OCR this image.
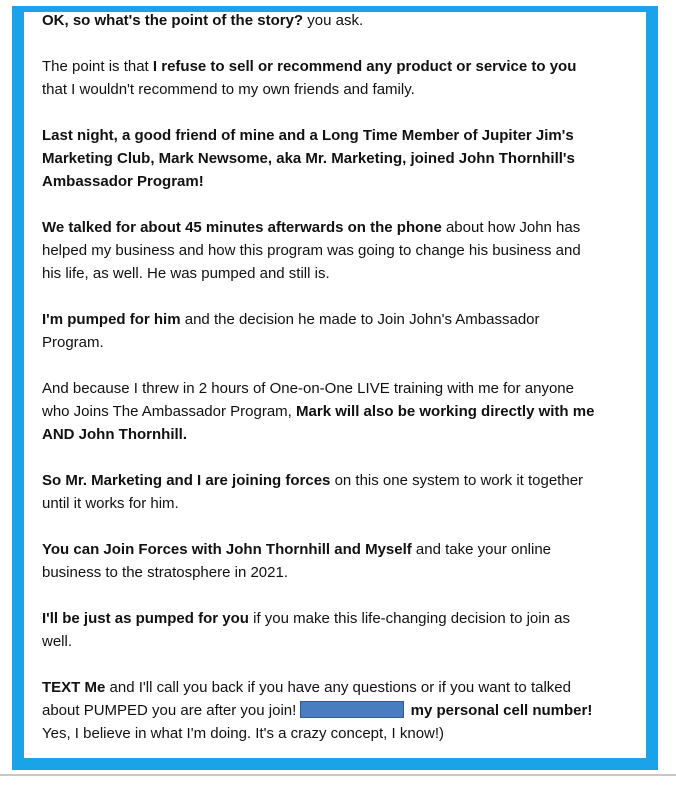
OK, so what's the point of the story? you ask.

The point is that I refuse to sell or recommend any product or service to you that I wouldn't recommend to my own friends and family.

Last night, a good friend of mine and a Long Time Member of Jupiter Jim's Marketing Club, Mark Newsome, aka Mr. Marketing, joined John Thornhill's Ambassador Program!

We talked for about 45 minutes afterwards on the phone about how John has helped my business and how this program was going to change his business and his life, as well. He was pumped and still is.

I'm pumped for him and the decision he made to Join John's Ambassador Program.

And because I threw in 2 hours of One-on-One LIVE training with me for anyone who Joins The Ambassador Program, Mark will also be working directly with me AND John Thornhill.

So Mr. Marketing and I are joining forces on this one system to work it together until it works for him.

You can Join Forces with John Thornhill and Myself and take your online business to the stratosphere in 2021.

I'll be just as pumped for you if you make this life-changing decision to join as well.

TEXT Me and I'll call you back if you have any questions or if you want to talked about PUMPED you are after you join!	my personal cell number! Yes, I believe in what I'm doing. It's a crazy concept, I know!)
